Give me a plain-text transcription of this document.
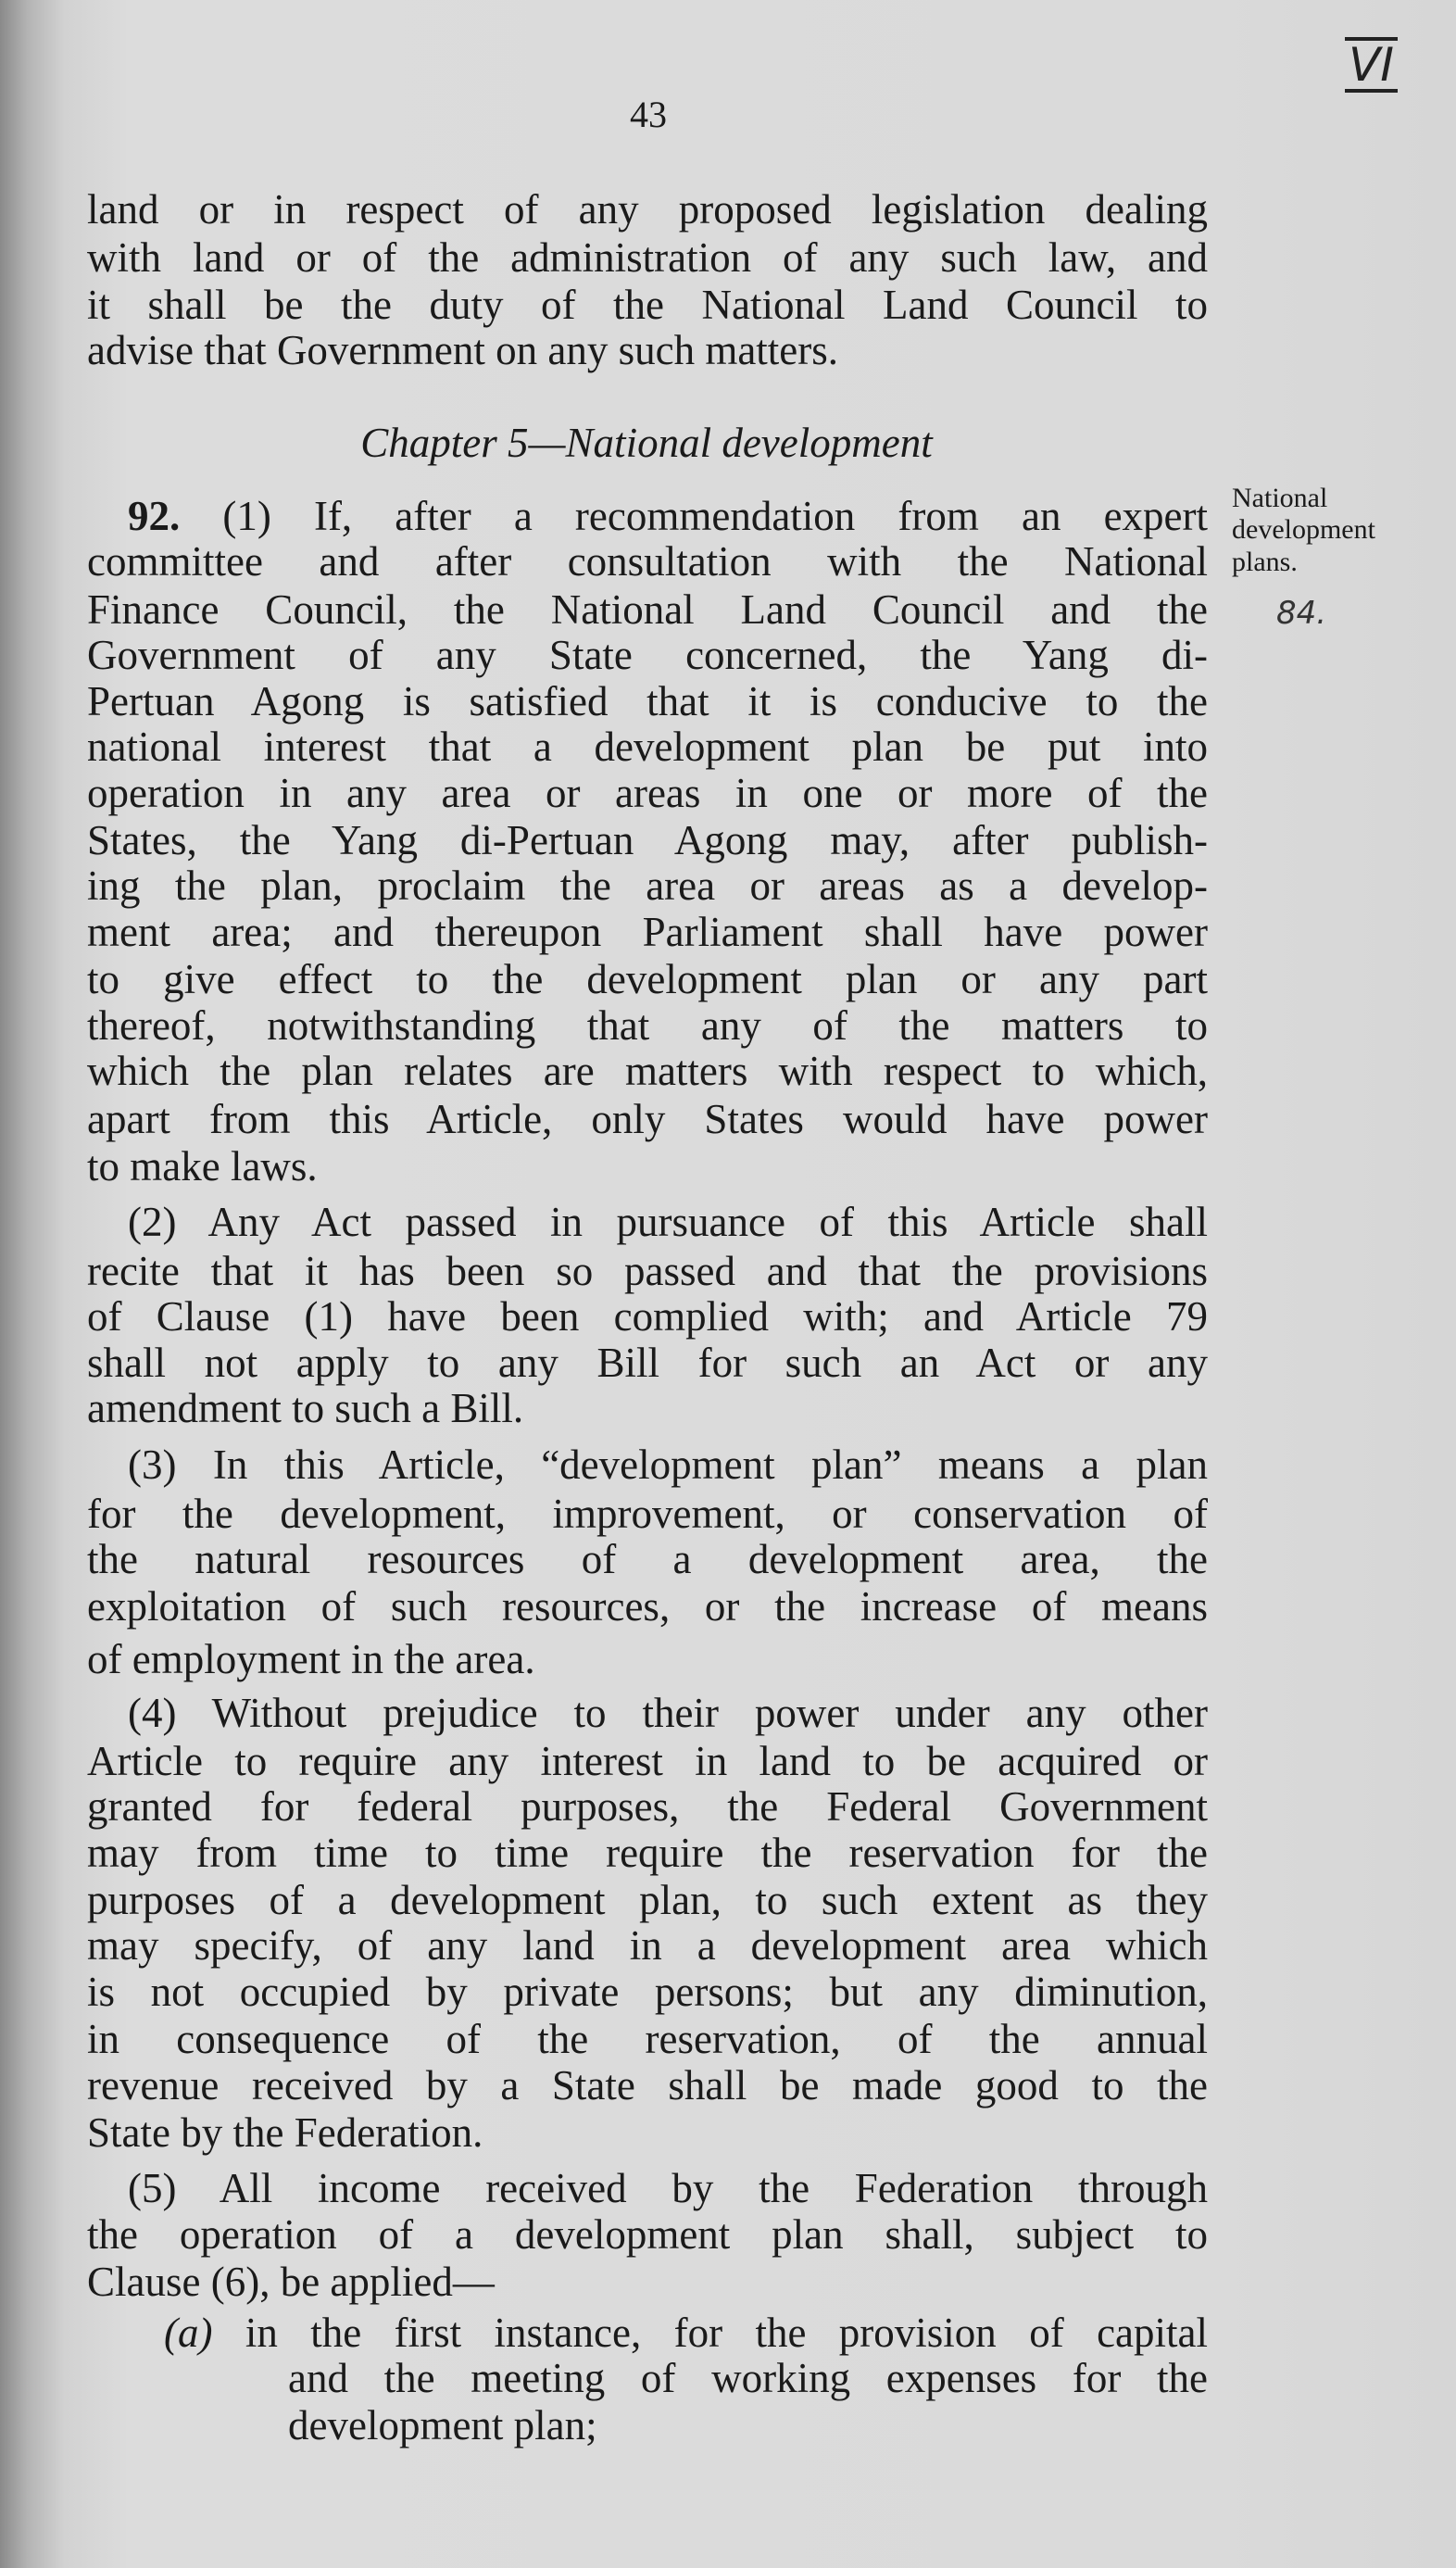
43
VI
84.
Chapter 5—National development
National
development
plans.
land or in respect of any proposed legislation dealing
with land or of the administration of any such law, and
it shall be the duty of the National Land Council to
advise that Government on any such matters.
92. (1) If, after a recommendation from an expert
committee and after consultation with the National
Finance Council, the National Land Council and the
Government of any State concerned, the Yang di-
Pertuan Agong is satisfied that it is conducive to the
national interest that a development plan be put into
operation in any area or areas in one or more of the
States, the Yang di-Pertuan Agong may, after publish-
ing the plan, proclaim the area or areas as a develop-
ment area; and thereupon Parliament shall have power
to give effect to the development plan or any part
thereof, notwithstanding that any of the matters to
which the plan relates are matters with respect to which,
apart from this Article, only States would have power
to make laws.
(2) Any Act passed in pursuance of this Article shall
recite that it has been so passed and that the provisions
of Clause (1) have been complied with; and Article 79
shall not apply to any Bill for such an Act or any
amendment to such a Bill.
(3) In this Article, “development plan” means a plan
for the development, improvement, or conservation of
the natural resources of a development area, the
exploitation of such resources, or the increase of means
of employment in the area.
(4) Without prejudice to their power under any other
Article to require any interest in land to be acquired or
granted for federal purposes, the Federal Government
may from time to time require the reservation for the
purposes of a development plan, to such extent as they
may specify, of any land in a development area which
is not occupied by private persons; but any diminution,
in consequence of the reservation, of the annual
revenue received by a State shall be made good to the
State by the Federation.
(5) All income received by the Federation through
the operation of a development plan shall, subject to
Clause (6), be applied—
(a) in the first instance, for the provision of capital
and the meeting of working expenses for the
development plan;
